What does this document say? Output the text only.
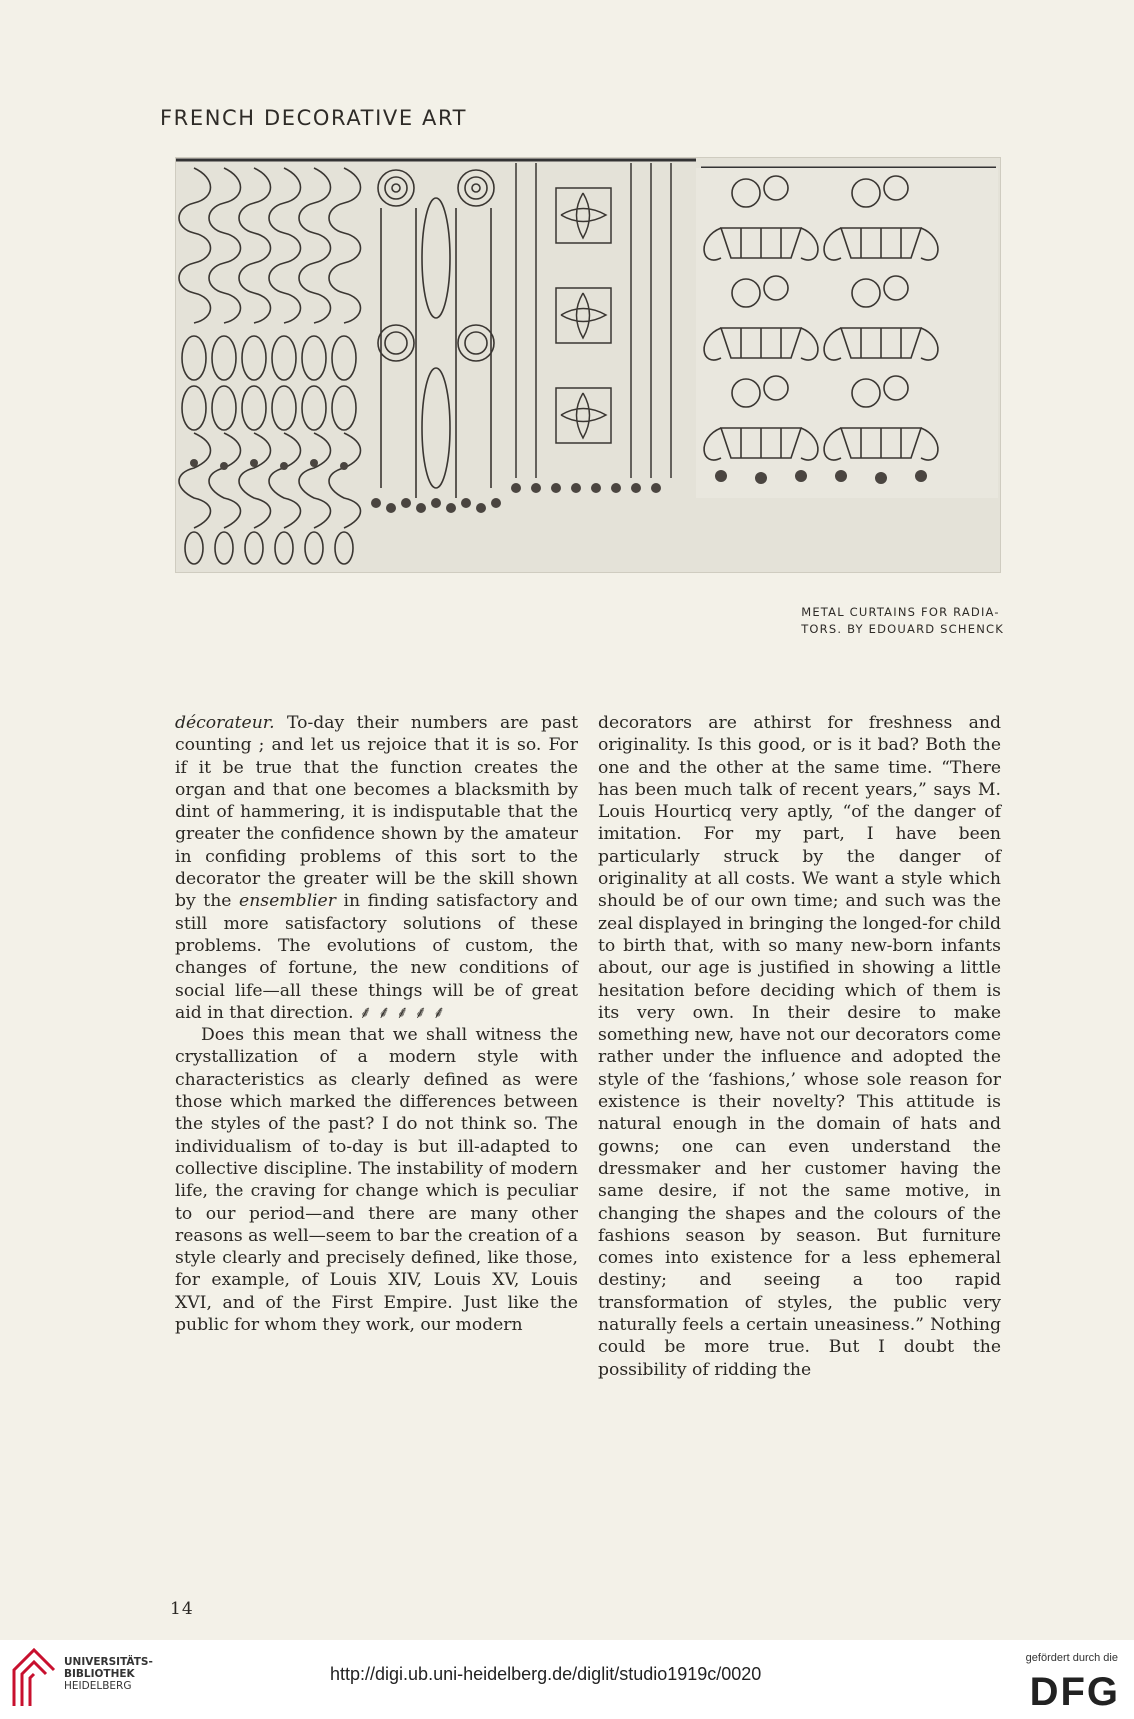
FRENCH DECORATIVE ART
METAL CURTAINS FOR RADIA-
TORS. BY EDOUARD SCHENCK

décorateur. To-day their numbers are past counting ; and let us rejoice that it is so. For if it be true that the function creates the organ and that one becomes a blacksmith by dint of hammering, it is indisputable that the greater the confidence shown by the amateur in confiding problems of this sort to the decorator the greater will be the skill shown by the ensemblier in finding satisfactory and still more satisfactory solutions of these problems. The evolutions of custom, the changes of fortune, the new conditions of social life—all these things will be of great aid in that direction. ⸙ ⸙ ⸙ ⸙ ⸙

Does this mean that we shall witness the crystallization of a modern style with characteristics as clearly defined as were those which marked the differences between the styles of the past? I do not think so. The individualism of to-day is but ill-adapted to collective discipline. The instability of modern life, the craving for change which is peculiar to our period—and there are many other reasons as well—seem to bar the creation of a style clearly and precisely defined, like those, for example, of Louis XIV, Louis XV, Louis XVI, and of the First Empire. Just like the public for whom they work, our modern

decorators are athirst for freshness and originality. Is this good, or is it bad? Both the one and the other at the same time. “There has been much talk of recent years,” says M. Louis Hourticq very aptly, “of the danger of imitation. For my part, I have been particularly struck by the danger of originality at all costs. We want a style which should be of our own time; and such was the zeal displayed in bringing the longed-for child to birth that, with so many new-born infants about, our age is justified in showing a little hesitation before deciding which of them is its very own. In their desire to make something new, have not our decorators come rather under the influence and adopted the style of the ‘fashions,’ whose sole reason for existence is their novelty? This attitude is natural enough in the domain of hats and gowns; one can even understand the dressmaker and her customer having the same desire, if not the same motive, in changing the shapes and the colours of the fashions season by season. But furniture comes into existence for a less ephemeral destiny; and seeing a too rapid transformation of styles, the public very naturally feels a certain uneasiness.” Nothing could be more true. But I doubt the possibility of ridding the

14
UNIVERSITÄTS-
BIBLIOTHEK
HEIDELBERG
http://digi.ub.uni-heidelberg.de/diglit/studio1919c/0020
gefördert durch die
DFG
